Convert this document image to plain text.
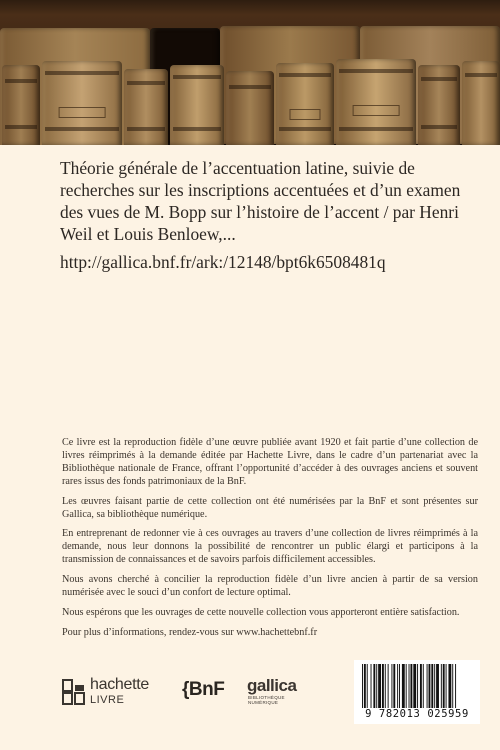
Théorie générale de l’accentuation latine, suivie de recherches sur les inscriptions accentuées et d’un examen des vues de M. Bopp sur l’histoire de l’accent / par Henri Weil et Louis Benloew,...

http://gallica.bnf.fr/ark:/12148/bpt6k6508481q

Ce livre est la reproduction fidèle d’une œuvre publiée avant 1920 et fait partie d’une collection de livres réimprimés à la demande éditée par Hachette Livre, dans le cadre d’un partenariat avec la Bibliothèque nationale de France, offrant l’opportunité d’accéder à des ouvrages anciens et souvent rares issus des fonds patrimoniaux de la BnF.

Les œuvres faisant partie de cette collection ont été numérisées par la BnF et sont présentes sur Gallica, sa bibliothèque numérique.

En entreprenant de redonner vie à ces ouvrages au travers d’une collection de livres réimprimés à la demande, nous leur donnons la possibilité de rencontrer un public élargi et participons à la transmission de connaissances et de savoirs parfois difficilement accessibles.

Nous avons cherché à concilier la reproduction fidèle d’un livre ancien à partir de sa version numérisée avec le souci d’un confort de lecture optimal.

Nous espérons que les ouvrages de cette nouvelle collection vous apporteront entière satisfaction.

Pour plus d’informations, rendez-vous sur www.hachettebnf.fr

hachette
LIVRE	{BnF gallica
BIBLIOTHÈQUE
NUMÉRIQUE
9 782013 025959
